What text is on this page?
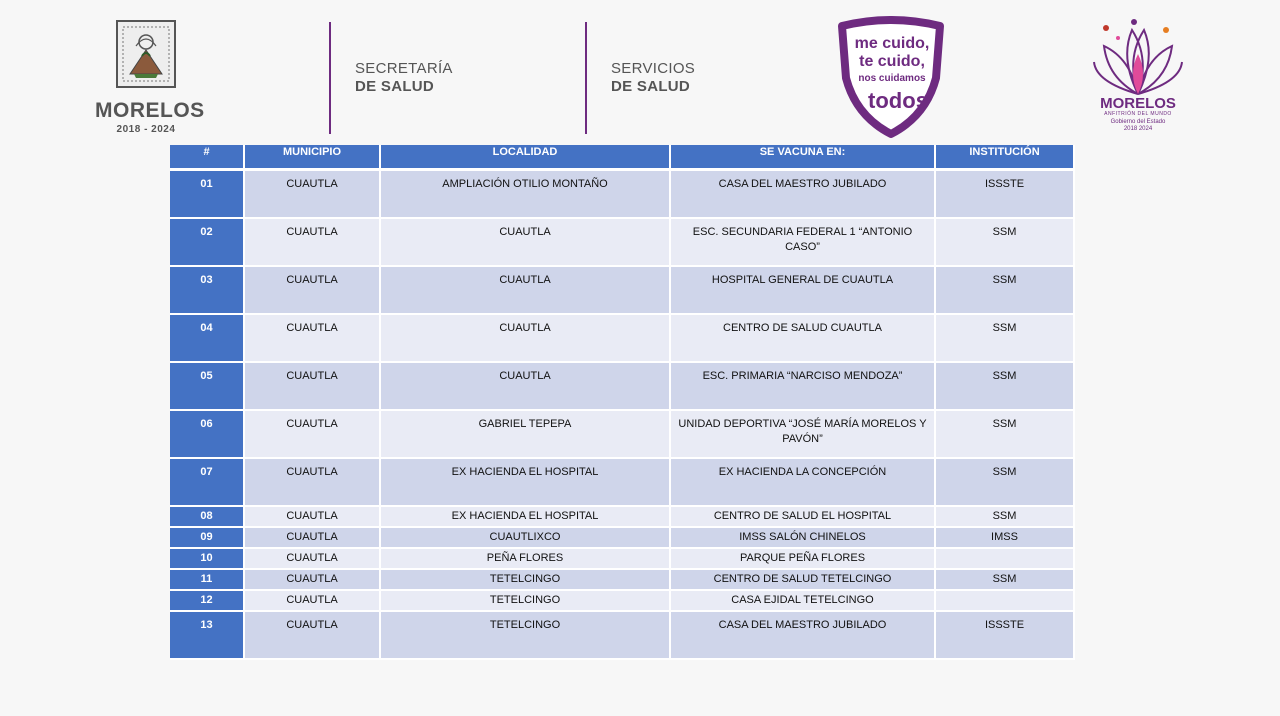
MORELOS
2018 - 2024
SECRETARÍA
DE SALUD
SERVICIOS
DE SALUD
me cuido,
te cuido,
nos cuidamos
todos	MORELOS
ANFITRIÓN DEL MUNDO
Gobierno del Estado
2018 2024
#	MUNICIPIO	LOCALIDAD	SE VACUNA EN:	INSTITUCIÓN
01	CUAUTLA	AMPLIACIÓN OTILIO MONTAÑO	CASA DEL MAESTRO JUBILADO	ISSSTE
02	CUAUTLA	CUAUTLA	ESC. SECUNDARIA FEDERAL 1 “ANTONIO CASO”	SSM
03	CUAUTLA	CUAUTLA	HOSPITAL GENERAL DE CUAUTLA	SSM
04	CUAUTLA	CUAUTLA	CENTRO DE SALUD CUAUTLA	SSM
05	CUAUTLA	CUAUTLA	ESC. PRIMARIA “NARCISO MENDOZA”	SSM
06	CUAUTLA	GABRIEL TEPEPA	UNIDAD DEPORTIVA “JOSÉ MARÍA MORELOS Y PAVÓN”	SSM
07	CUAUTLA	EX HACIENDA EL HOSPITAL	EX HACIENDA LA CONCEPCIÓN	SSM
08	CUAUTLA	EX HACIENDA EL HOSPITAL	CENTRO DE SALUD EL HOSPITAL	SSM
09	CUAUTLA	CUAUTLIXCO	IMSS SALÓN CHINELOS	IMSS
10	CUAUTLA	PEÑA FLORES	PARQUE PEÑA FLORES	
11	CUAUTLA	TETELCINGO	CENTRO DE SALUD TETELCINGO	SSM
12	CUAUTLA	TETELCINGO	CASA EJIDAL TETELCINGO	
13	CUAUTLA	TETELCINGO	CASA DEL MAESTRO JUBILADO	ISSSTE
